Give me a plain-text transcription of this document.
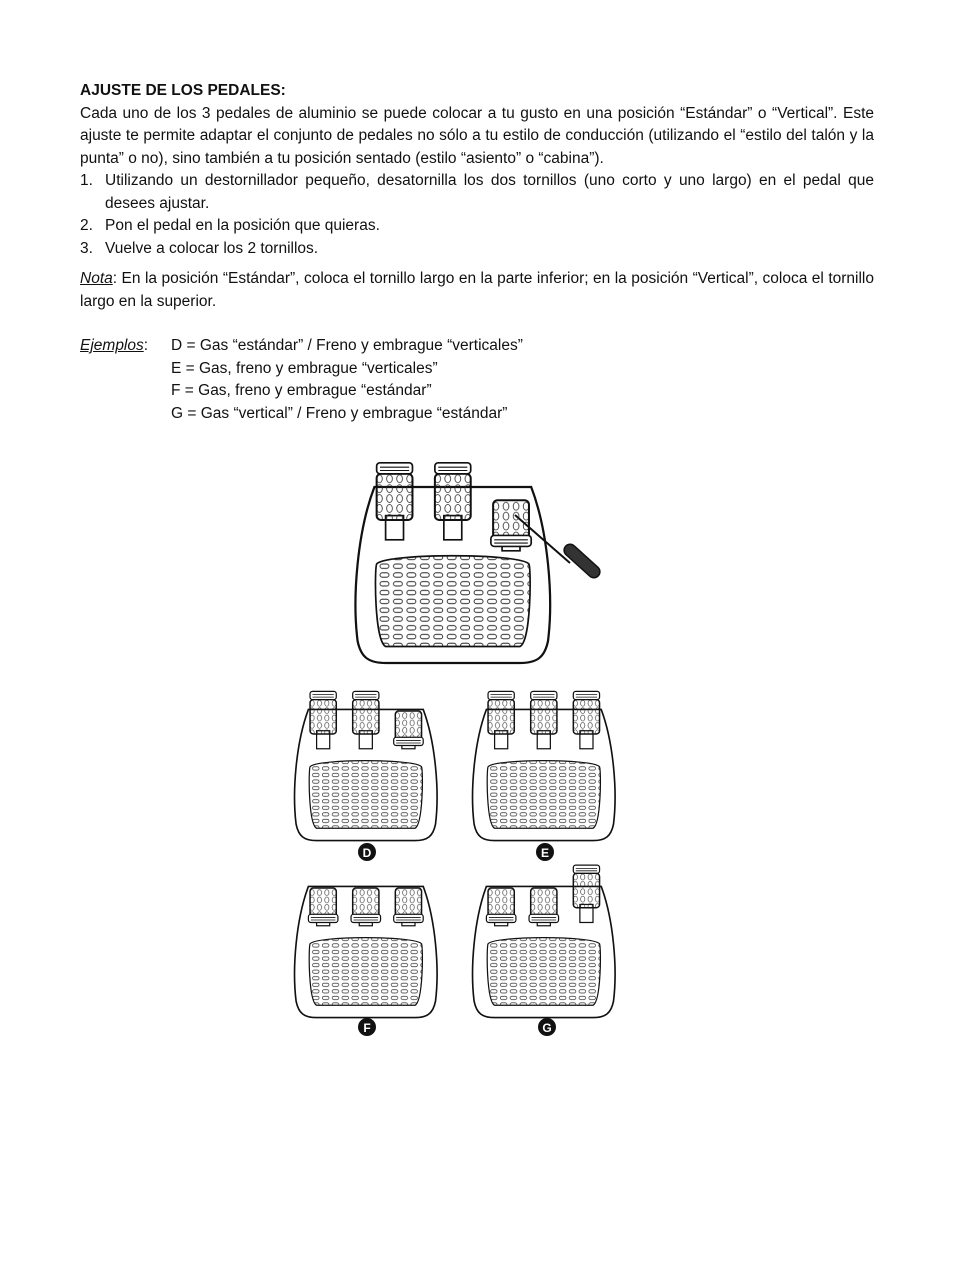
AJUSTE DE LOS PEDALES:
Cada uno de los 3 pedales de aluminio se puede colocar a tu gusto en una posición “Estándar” o “Vertical”. Este ajuste te permite adaptar el conjunto de pedales no sólo a tu estilo de conducción (utilizando el “estilo del talón y la punta” o no), sino también a tu posición sentado (estilo “asiento” o “cabina”).
1. Utilizando un destornillador pequeño, desatornilla los dos tornillos (uno corto y uno largo) en el pedal que desees ajustar.
2. Pon el pedal en la posición que quieras.
3. Vuelve a colocar los 2 tornillos.
Nota: En la posición “Estándar”, coloca el tornillo largo en la parte inferior; en la posición “Vertical”, coloca el tornillo largo en la superior.
Ejemplos: D = Gas “estándar” / Freno y embrague “verticales”
E = Gas, freno y embrague “verticales”
F = Gas, freno y embrague “estándar”
G = Gas “vertical” / Freno y embrague “estándar”
D	E
F	G
